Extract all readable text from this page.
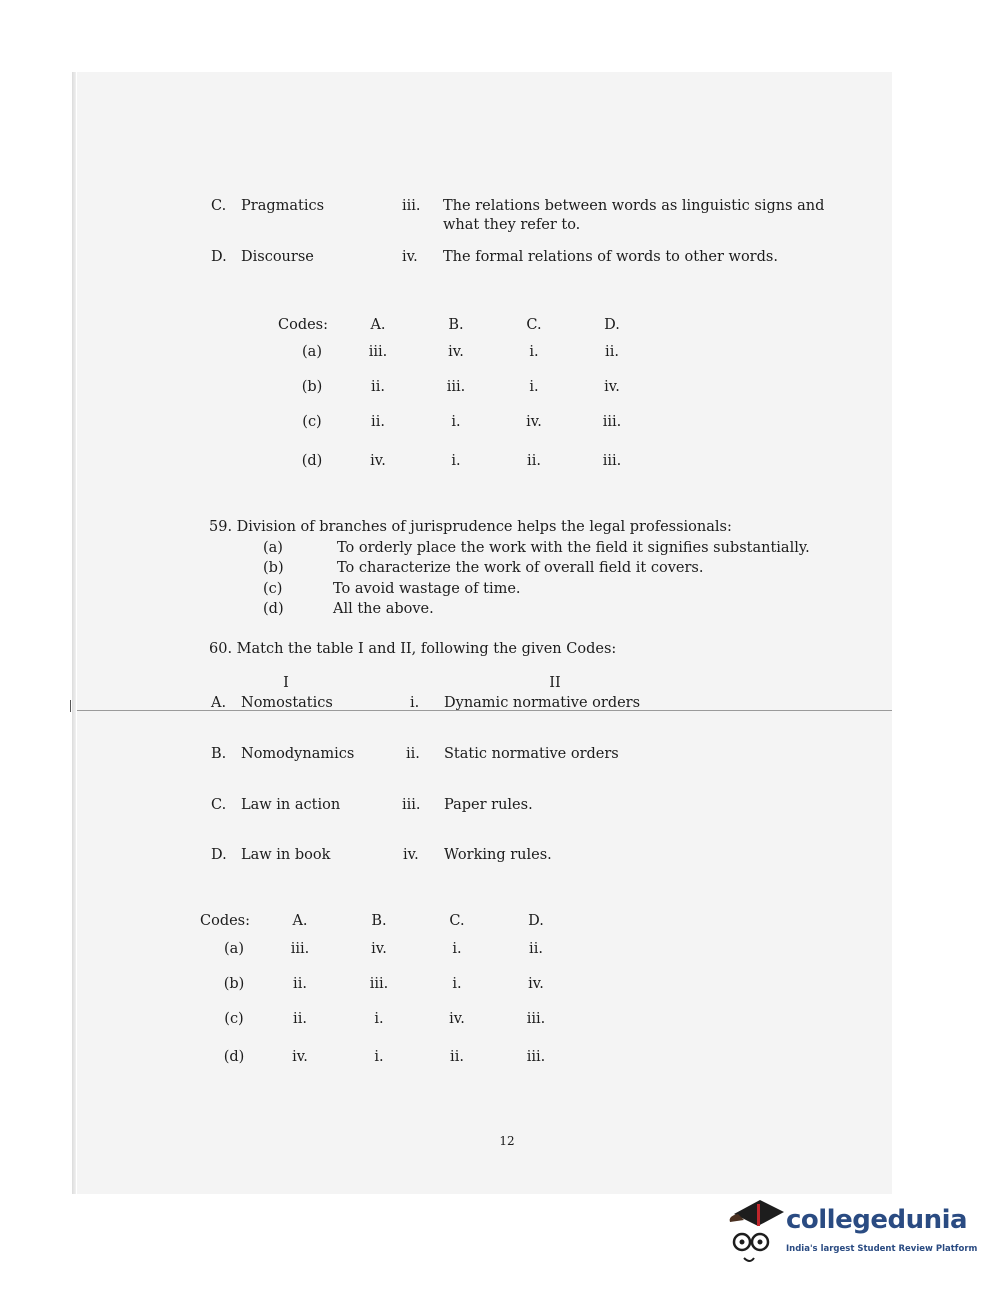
C. Pragmatics	iii. The relations between words as linguistic signs and what they refer to.
D. Discourse	iv. The formal relations of words to other words.
Codes:	A.	B.	C.	D.
(a)	iii.	iv.	i.	ii.
(b)	ii.	iii.	i.	iv.
(c)	ii.	i.	iv.	iii.
(d)	iv.	i.	ii.	iii.
59. Division of branches of jurisprudence helps the legal professionals:
(a)	To orderly place the work with the field it signifies substantially.
(b)	To characterize the work of overall field it covers.
(c)	To avoid wastage of time.
(d)	All the above.
60. Match the table I and II, following the given Codes:
I	II
A. Nomostatics	i. Dynamic normative orders
B. Nomodynamics	ii. Static normative orders
C. Law in action	iii. Paper rules.
D. Law in book	iv. Working rules.
Codes:	A.	B.	C.	D.
(a)	iii.	iv.	i.	ii.
(b)	ii.	iii.	i.	iv.
(c)	ii.	i.	iv.	iii.
(d)	iv.	i.	ii.	iii.
12
collegedunia
India's largest Student Review Platform
